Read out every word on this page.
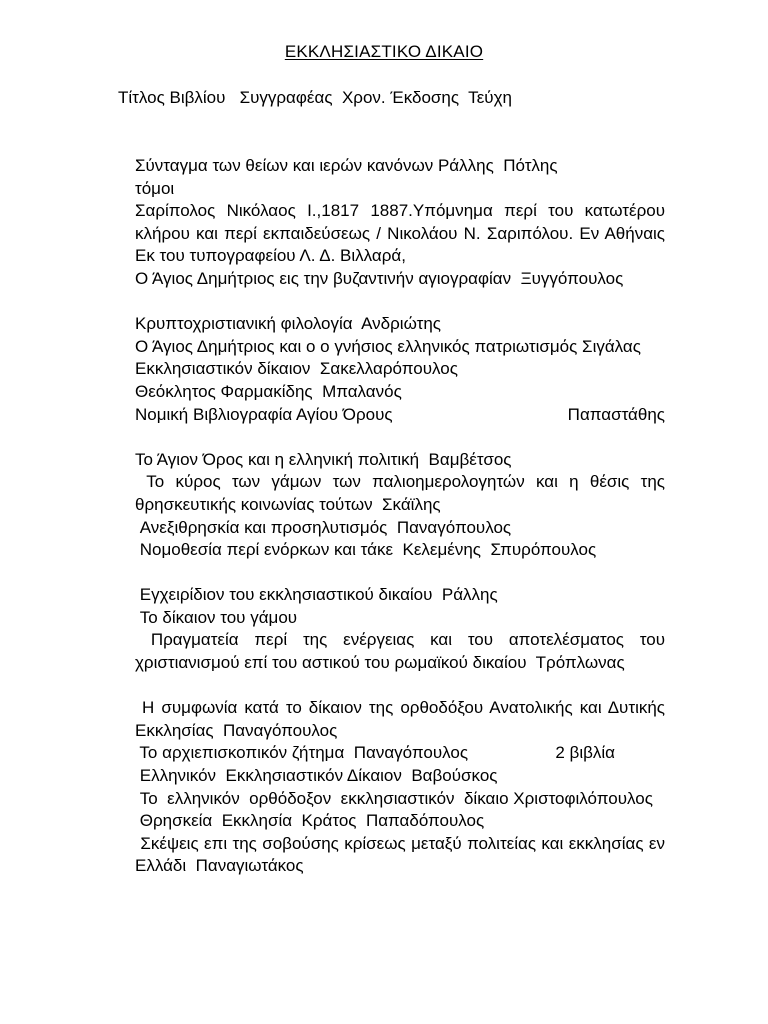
ΕΚΚΛΗΣΙΑΣΤΙΚΟ ΔΙΚΑΙΟ
Τίτλος Βιβλίου   Συγγραφέας  Χρον. Έκδοσης  Τεύχη

Σύνταγμα των θείων και ιερών κανόνων Ράλλης  Πότλης

τόμοι

Σαρίπολος Νικόλαος Ι.,1817 1887.Υπόμνημα περί του κατωτέρου κλήρου και περί εκπαιδεύσεως / Νικολάου Ν. Σαριπόλου. Εν Αθήναις  Εκ του τυπογραφείου Λ. Δ. Βιλλαρά,

Ο Άγιος Δημήτριος εις την βυζαντινήν αγιογραφίαν  Ξυγγόπουλος

Κρυπτοχριστιανική φιλολογία  Ανδριώτης

Ο Άγιος Δημήτριος και ο ο γνήσιος ελληνικός πατριωτισμός Σιγάλας

Εκκλησιαστικόν δίκαιον  Σακελλαρόπουλος

Θεόκλητος Φαρμακίδης  Μπαλανός

Νομική Βιβλιογραφία Αγίου Όρους	Παπαστάθης

Το Άγιον Όρος και η ελληνική πολιτική  Βαμβέτσος

Το κύρος των γάμων των παλιοημερολογητών και η θέσις της θρησκευτικής κοινωνίας τούτων  Σκάϊλης

Ανεξιθρησκία και προσηλυτισμός  Παναγόπουλος

Νομοθεσία περί ενόρκων και τάκε  Κελεμένης  Σπυρόπουλος

Εγχειρίδιον του εκκλησιαστικού δικαίου  Ράλλης

Το δίκαιον του γάμου

Πραγματεία περί της ενέργειας και του αποτελέσματος του χριστιανισμού επί του αστικού του ρωμαϊκού δικαίου  Τρόπλωνας

Η συμφωνία κατά το δίκαιον της ορθοδόξου Ανατολικής και Δυτικής Εκκλησίας  Παναγόπουλος

Το αρχιεπισκοπικόν ζήτημα  Παναγόπουλος	2 βιβλία

Ελληνικόν  Εκκλησιαστικόν Δίκαιον  Βαβούσκος

Το  ελληνικόν  ορθόδοξον  εκκλησιαστικόν  δίκαιο Χριστοφιλόπουλος

Θρησκεία  Εκκλησία  Κράτος  Παπαδόπουλος

Σκέψεις επι της σοβούσης κρίσεως μεταξύ πολιτείας και εκκλησίας εν Ελλάδι  Παναγιωτάκος
